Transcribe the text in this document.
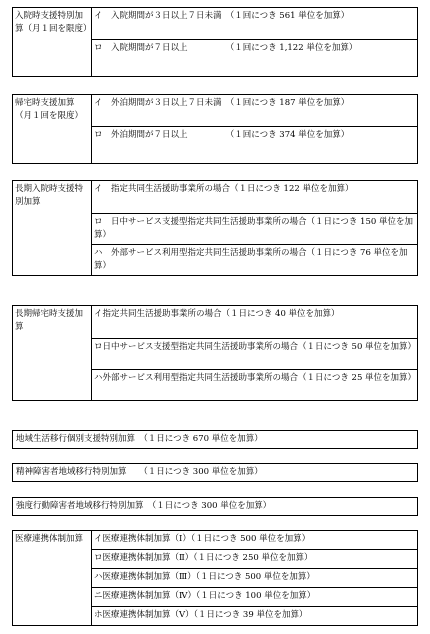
入院時支援特別加算（月１回を限度）	イ　入院期間が３日以上７日未満　（１回につき 561 単位を加算）
ロ　入院期間が７日以上　　　　　（１回につき 1,122 単位を加算）
帰宅時支援加算（月１回を限度）	イ　外泊期間が３日以上７日未満　（１回につき 187 単位を加算）
ロ　外泊期間が７日以上　　　　　（１回につき 374 単位を加算）
長期入院時支援特別加算	イ　指定共同生活援助事業所の場合（１日につき 122 単位を加算）
ロ　日中サービス支援型指定共同生活援助事業所の場合（１日につき 150 単位を加算）
ハ　外部サービス利用型指定共同生活援助事業所の場合（１日につき 76 単位を加算）
長期帰宅時支援加算	イ指定共同生活援助事業所の場合（１日につき 40 単位を加算）
ロ日中サービス支援型指定共同生活援助事業所の場合（１日につき 50 単位を加算）
ハ外部サービス利用型指定共同生活援助事業所の場合（１日につき 25 単位を加算）
地域生活移行個別支援特別加算　（１日につき 670 単位を加算）
精神障害者地域移行特別加算　　（１日につき 300 単位を加算）
強度行動障害者地域移行特別加算　（１日につき 300 単位を加算）
医療連携体制加算	イ医療連携体制加算（Ⅰ）（１日につき 500 単位を加算）
ロ医療連携体制加算（Ⅱ）（１日につき 250 単位を加算）
ハ医療連携体制加算（Ⅲ）（１日につき 500 単位を加算）
ニ医療連携体制加算（Ⅳ）（１日につき 100 単位を加算）
ホ医療連携体制加算（Ⅴ）（１日につき 39 単位を加算）
